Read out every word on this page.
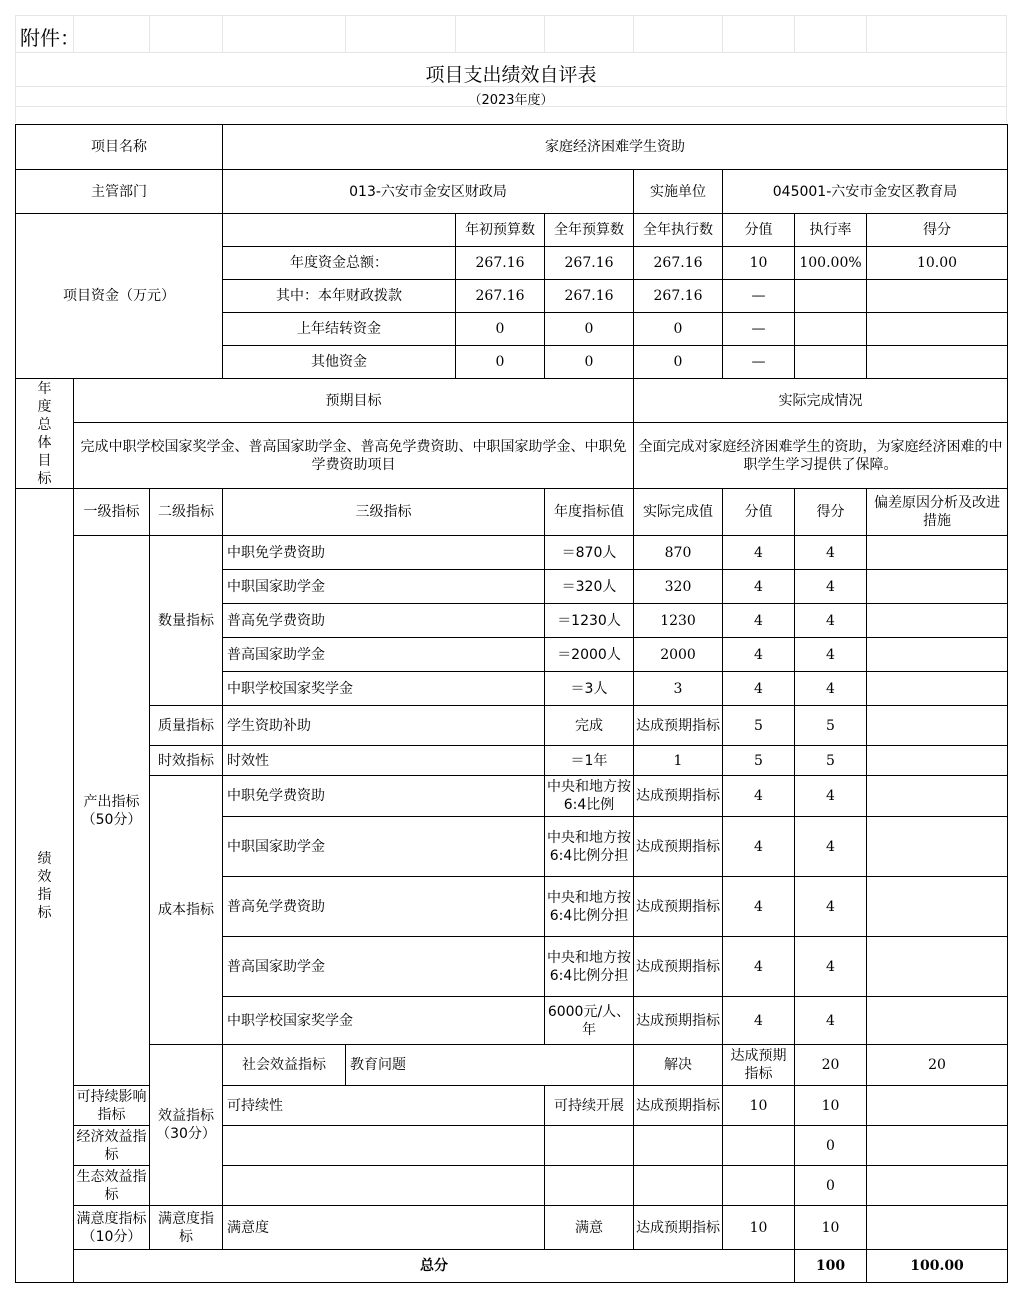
附件：
项目支出绩效自评表
（2023年度）
项目名称			家庭经济困难学生资助								
主管部门			013-六安市金安区财政局				实施单位	045001-六安市金安区教育局			
项目资金（万元）					年初预算数	全年预算数	全年执行数	分值	执行率	得分	
			年度资金总额：		267.16	267.16	267.16	10	100.00%	10.00	
			其中：本年财政拨款		267.16	267.16	267.16	—			
			上年结转资金		0	0	0	—			
			其他资金		0	0	0	—			
年度总体目标	预期目标						实际完成情况				
	完成中职学校国家奖学金、普高国家助学金、普高免学费资助、中职国家助学金、中职免学费资助项目						全面完成对家庭经济困难学生的资助，为家庭经济困难的中职学生学习提供了保障。				
绩效指标	一级指标	二级指标	三级指标			年度指标值	实际完成值	分值	得分	偏差原因分析及改进措施	
	产出指标（50分）	数量指标	中职免学费资助			＝870人	870	4	4		
			中职国家助学金			＝320人	320	4	4		
			普高免学费资助			＝1230人	1230	4	4		
			普高国家助学金			＝2000人	2000	4	4		
			中职学校国家奖学金			＝3人	3	4	4		
		质量指标	学生资助补助			完成	达成预期指标	5	5		
		时效指标	时效性			＝1年	1	5	5		
		成本指标	中职免学费资助			中央和地方按6:4比例	达成预期指标	4	4		
			中职国家助学金			中央和地方按6:4比例分担	达成预期指标	4	4		
			普高免学费资助			中央和地方按6:4比例分担	达成预期指标	4	4		
			普高国家助学金			中央和地方按6:4比例分担	达成预期指标	4	4		
			中职学校国家奖学金			6000元/人、年	达成预期指标	4	4		
		效益指标（30分）	社会效益指标	教育问题			解决	达成预期指标	20	20	
	可持续影响指标		可持续性			可持续开展	达成预期指标	10	10		
	经济效益指标								0		
	生态效益指标								0		
	满意度指标（10分）	满意度指标	满意度			满意	达成预期指标	10	10		
	总分								100	100.00	
